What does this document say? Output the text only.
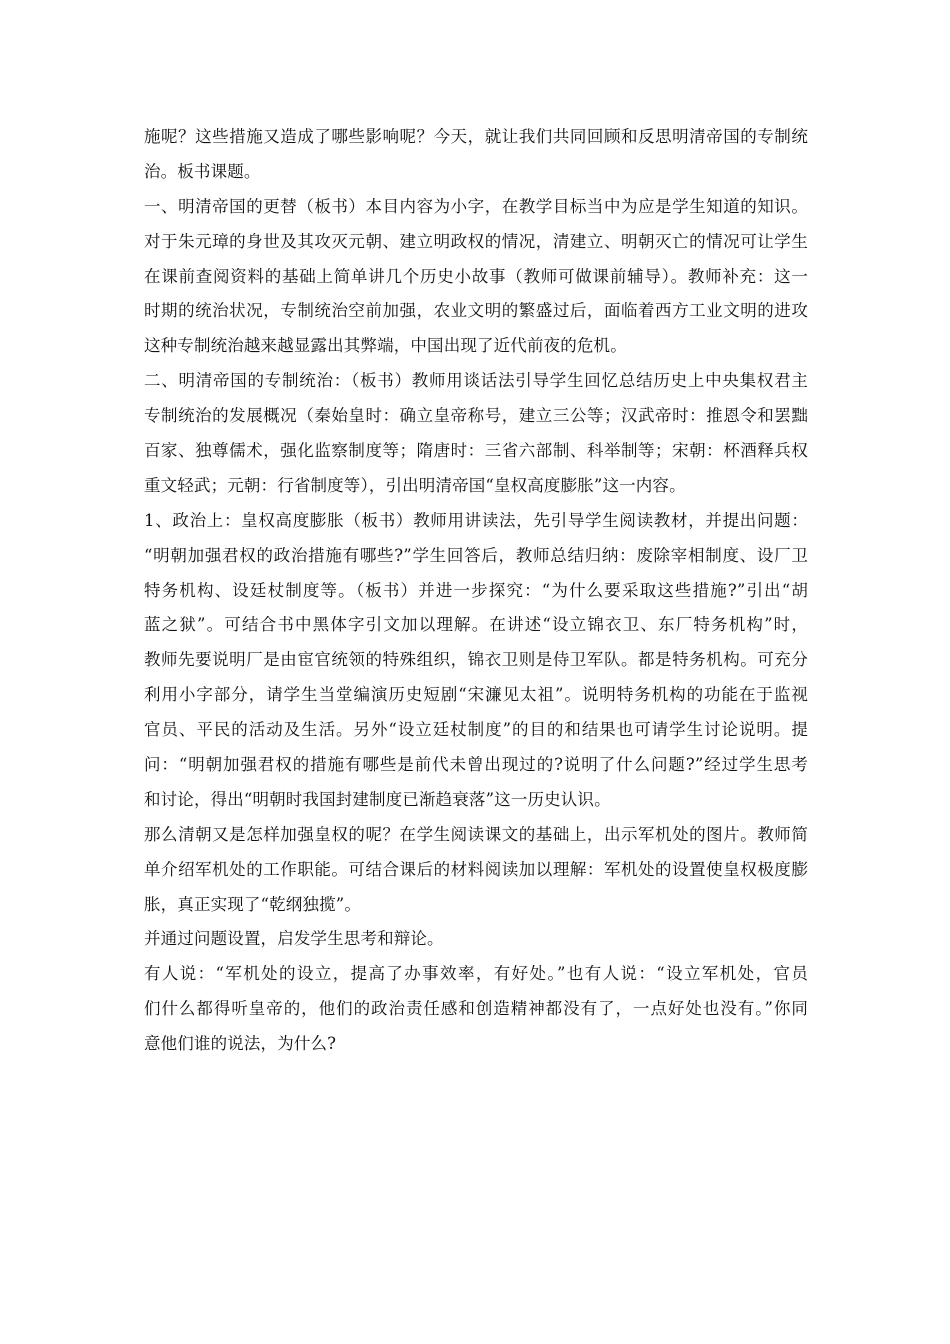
施呢？这些措施又造成了哪些影响呢？今天，就让我们共同回顾和反思明清帝国的专制统
治。板书课题。
一、明清帝国的更替（板书）本目内容为小字，在教学目标当中为应是学生知道的知识。
对于朱元璋的身世及其攻灭元朝、建立明政权的情况，清建立、明朝灭亡的情况可让学生
在课前查阅资料的基础上简单讲几个历史小故事（教师可做课前辅导）。教师补充：这一
时期的统治状况，专制统治空前加强，农业文明的繁盛过后，面临着西方工业文明的进攻
这种专制统治越来越显露出其弊端，中国出现了近代前夜的危机。
二、明清帝国的专制统治：（板书）教师用谈话法引导学生回忆总结历史上中央集权君主
专制统治的发展概况（秦始皇时：确立皇帝称号，建立三公等；汉武帝时：推恩令和罢黜
百家、独尊儒术，强化监察制度等；隋唐时：三省六部制、科举制等；宋朝：杯酒释兵权
重文轻武；元朝：行省制度等），引出明清帝国“皇权高度膨胀”这一内容。
1、政治上：皇权高度膨胀（板书）教师用讲读法，先引导学生阅读教材，并提出问题：
“明朝加强君权的政治措施有哪些?”学生回答后，教师总结归纳：废除宰相制度、设厂卫
特务机构、设廷杖制度等。（板书）并进一步探究：“为什么要采取这些措施?”引出“胡
蓝之狱”。可结合书中黑体字引文加以理解。在讲述“设立锦衣卫、东厂特务机构”时，
教师先要说明厂是由宦官统领的特殊组织，锦衣卫则是侍卫军队。都是特务机构。可充分
利用小字部分，请学生当堂编演历史短剧“宋濂见太祖”。说明特务机构的功能在于监视
官员、平民的活动及生活。另外“设立廷杖制度”的目的和结果也可请学生讨论说明。提
问：“明朝加强君权的措施有哪些是前代未曾出现过的?说明了什么问题?”经过学生思考
和讨论，得出“明朝时我国封建制度已渐趋衰落”这一历史认识。
那么清朝又是怎样加强皇权的呢？在学生阅读课文的基础上，出示军机处的图片。教师简
单介绍军机处的工作职能。可结合课后的材料阅读加以理解：军机处的设置使皇权极度膨
胀，真正实现了“乾纲独揽”。
并通过问题设置，启发学生思考和辩论。
有人说：“军机处的设立，提高了办事效率，有好处。”也有人说：“设立军机处，官员
们什么都得听皇帝的，他们的政治责任感和创造精神都没有了，一点好处也没有。”你同
意他们谁的说法，为什么?
